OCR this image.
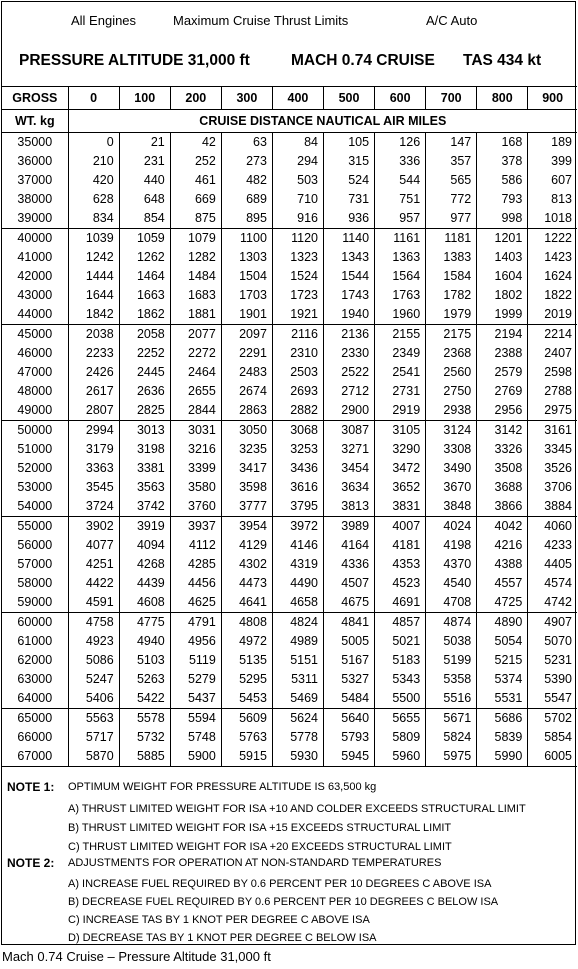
All Engines	Maximum Cruise Thrust Limits	A/C Auto
PRESSURE ALTITUDE 31,000 ft	MACH 0.74 CRUISE TAS 434 kt
GROSS	0	100	200	300	400	500	600	700	800	900
WT. kg	CRUISE DISTANCE NAUTICAL AIR MILES									
35000	0	21	42	63	84	105	126	147	168	189
36000	210	231	252	273	294	315	336	357	378	399
37000	420	440	461	482	503	524	544	565	586	607
38000	628	648	669	689	710	731	751	772	793	813
39000	834	854	875	895	916	936	957	977	998	1018
40000	1039	1059	1079	1100	1120	1140	1161	1181	1201	1222
41000	1242	1262	1282	1303	1323	1343	1363	1383	1403	1423
42000	1444	1464	1484	1504	1524	1544	1564	1584	1604	1624
43000	1644	1663	1683	1703	1723	1743	1763	1782	1802	1822
44000	1842	1862	1881	1901	1921	1940	1960	1979	1999	2019
45000	2038	2058	2077	2097	2116	2136	2155	2175	2194	2214
46000	2233	2252	2272	2291	2310	2330	2349	2368	2388	2407
47000	2426	2445	2464	2483	2503	2522	2541	2560	2579	2598
48000	2617	2636	2655	2674	2693	2712	2731	2750	2769	2788
49000	2807	2825	2844	2863	2882	2900	2919	2938	2956	2975
50000	2994	3013	3031	3050	3068	3087	3105	3124	3142	3161
51000	3179	3198	3216	3235	3253	3271	3290	3308	3326	3345
52000	3363	3381	3399	3417	3436	3454	3472	3490	3508	3526
53000	3545	3563	3580	3598	3616	3634	3652	3670	3688	3706
54000	3724	3742	3760	3777	3795	3813	3831	3848	3866	3884
55000	3902	3919	3937	3954	3972	3989	4007	4024	4042	4060
56000	4077	4094	4112	4129	4146	4164	4181	4198	4216	4233
57000	4251	4268	4285	4302	4319	4336	4353	4370	4388	4405
58000	4422	4439	4456	4473	4490	4507	4523	4540	4557	4574
59000	4591	4608	4625	4641	4658	4675	4691	4708	4725	4742
60000	4758	4775	4791	4808	4824	4841	4857	4874	4890	4907
61000	4923	4940	4956	4972	4989	5005	5021	5038	5054	5070
62000	5086	5103	5119	5135	5151	5167	5183	5199	5215	5231
63000	5247	5263	5279	5295	5311	5327	5343	5358	5374	5390
64000	5406	5422	5437	5453	5469	5484	5500	5516	5531	5547
65000	5563	5578	5594	5609	5624	5640	5655	5671	5686	5702
66000	5717	5732	5748	5763	5778	5793	5809	5824	5839	5854
67000	5870	5885	5900	5915	5930	5945	5960	5975	5990	6005
NOTE 1: OPTIMUM WEIGHT FOR PRESSURE ALTITUDE IS 63,500 kg
A) THRUST LIMITED WEIGHT FOR ISA +10 AND COLDER EXCEEDS STRUCTURAL LIMIT
B) THRUST LIMITED WEIGHT FOR ISA +15 EXCEEDS STRUCTURAL LIMIT
C) THRUST LIMITED WEIGHT FOR ISA +20 EXCEEDS STRUCTURAL LIMIT
NOTE 2: ADJUSTMENTS FOR OPERATION AT NON-STANDARD TEMPERATURES
A) INCREASE FUEL REQUIRED BY 0.6 PERCENT PER 10 DEGREES C ABOVE ISA
B) DECREASE FUEL REQUIRED BY 0.6 PERCENT PER 10 DEGREES C BELOW ISA
C) INCREASE TAS BY 1 KNOT PER DEGREE C ABOVE ISA
D) DECREASE TAS BY 1 KNOT PER DEGREE C BELOW ISA
Mach 0.74 Cruise – Pressure Altitude 31,000 ft
